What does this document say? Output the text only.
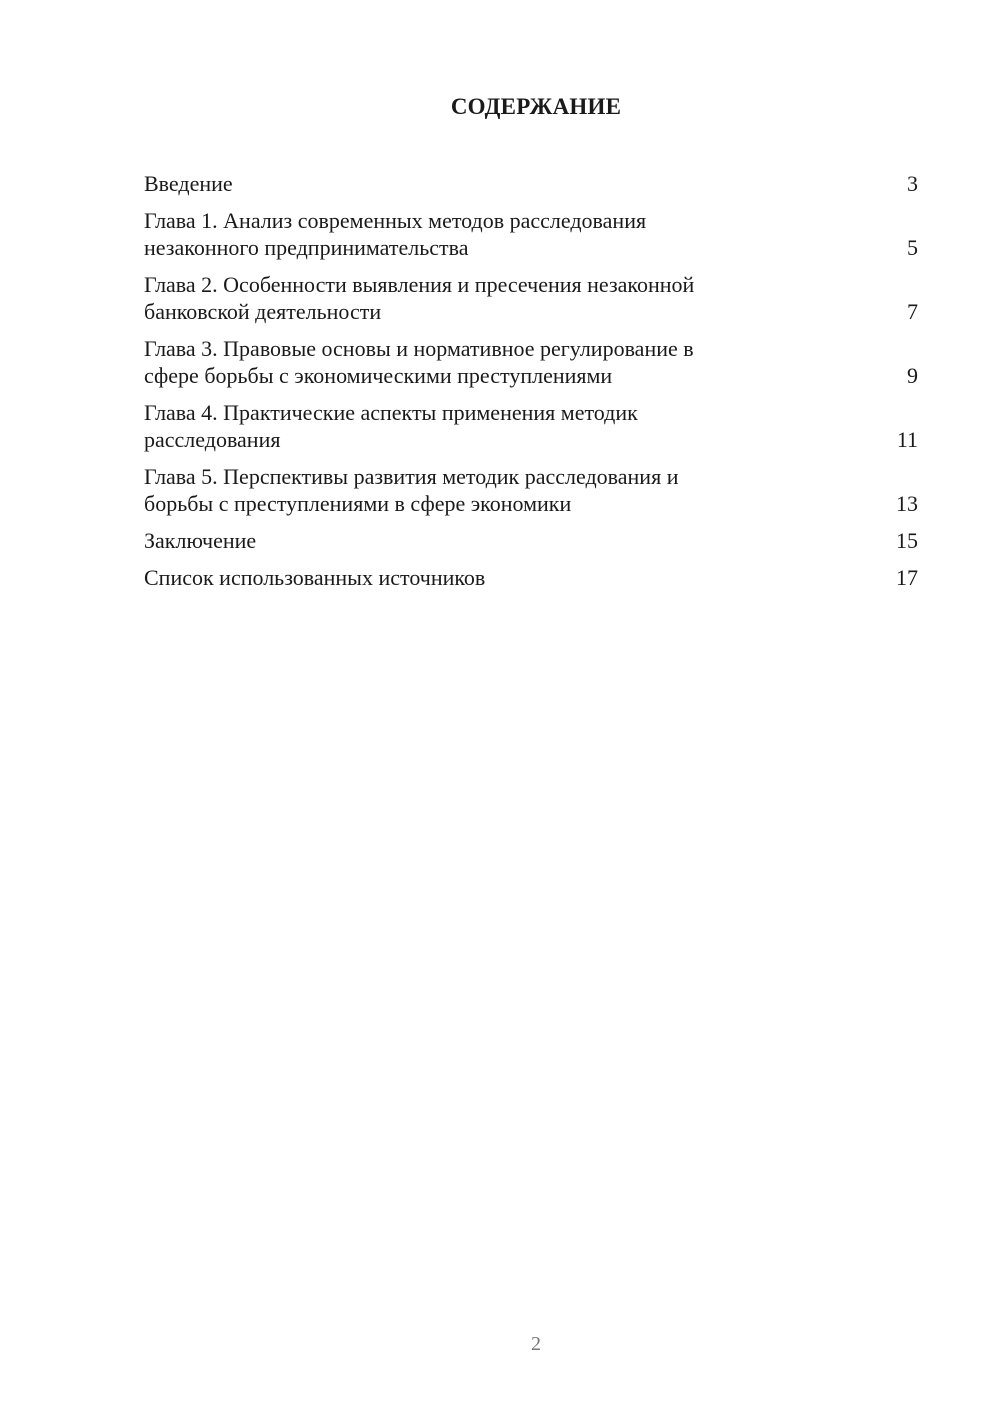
СОДЕРЖАНИЕ
Введение	3
Глава 1. Анализ современных методов расследования
незаконного предпринимательства	5
Глава 2. Особенности выявления и пресечения незаконной
банковской деятельности	7
Глава 3. Правовые основы и нормативное регулирование в
сфере борьбы с экономическими преступлениями	9
Глава 4. Практические аспекты применения методик
расследования	11
Глава 5. Перспективы развития методик расследования и
борьбы с преступлениями в сфере экономики	13
Заключение	15
Список использованных источников	17
2
